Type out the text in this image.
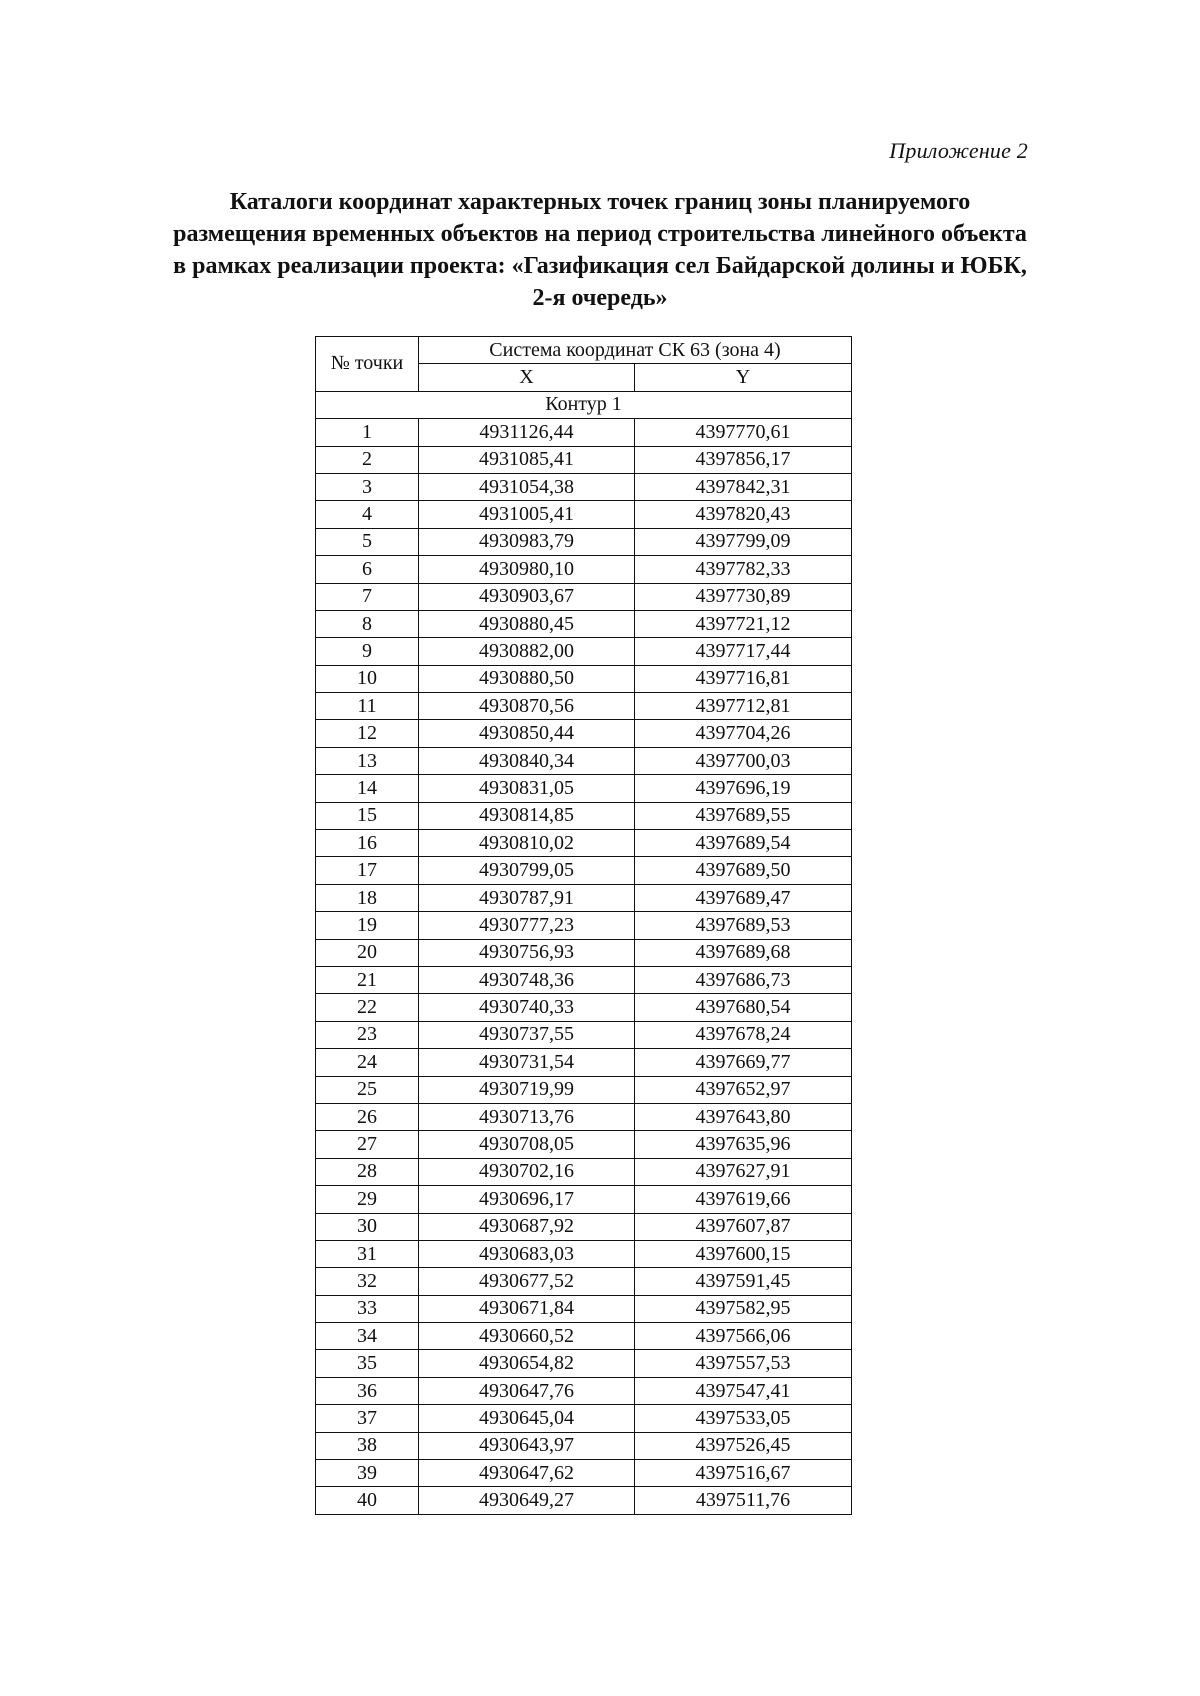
Приложение 2
Каталоги координат характерных точек границ зоны планируемого
размещения временных объектов на период строительства линейного объекта
в рамках реализации проекта: «Газификация сел Байдарской долины и ЮБК,
2-я очередь»
№ точки	Система координат СК 63 (зона 4)	
	X	Y
Контур 1		
1	4931126,44	4397770,61
2	4931085,41	4397856,17
3	4931054,38	4397842,31
4	4931005,41	4397820,43
5	4930983,79	4397799,09
6	4930980,10	4397782,33
7	4930903,67	4397730,89
8	4930880,45	4397721,12
9	4930882,00	4397717,44
10	4930880,50	4397716,81
11	4930870,56	4397712,81
12	4930850,44	4397704,26
13	4930840,34	4397700,03
14	4930831,05	4397696,19
15	4930814,85	4397689,55
16	4930810,02	4397689,54
17	4930799,05	4397689,50
18	4930787,91	4397689,47
19	4930777,23	4397689,53
20	4930756,93	4397689,68
21	4930748,36	4397686,73
22	4930740,33	4397680,54
23	4930737,55	4397678,24
24	4930731,54	4397669,77
25	4930719,99	4397652,97
26	4930713,76	4397643,80
27	4930708,05	4397635,96
28	4930702,16	4397627,91
29	4930696,17	4397619,66
30	4930687,92	4397607,87
31	4930683,03	4397600,15
32	4930677,52	4397591,45
33	4930671,84	4397582,95
34	4930660,52	4397566,06
35	4930654,82	4397557,53
36	4930647,76	4397547,41
37	4930645,04	4397533,05
38	4930643,97	4397526,45
39	4930647,62	4397516,67
40	4930649,27	4397511,76
